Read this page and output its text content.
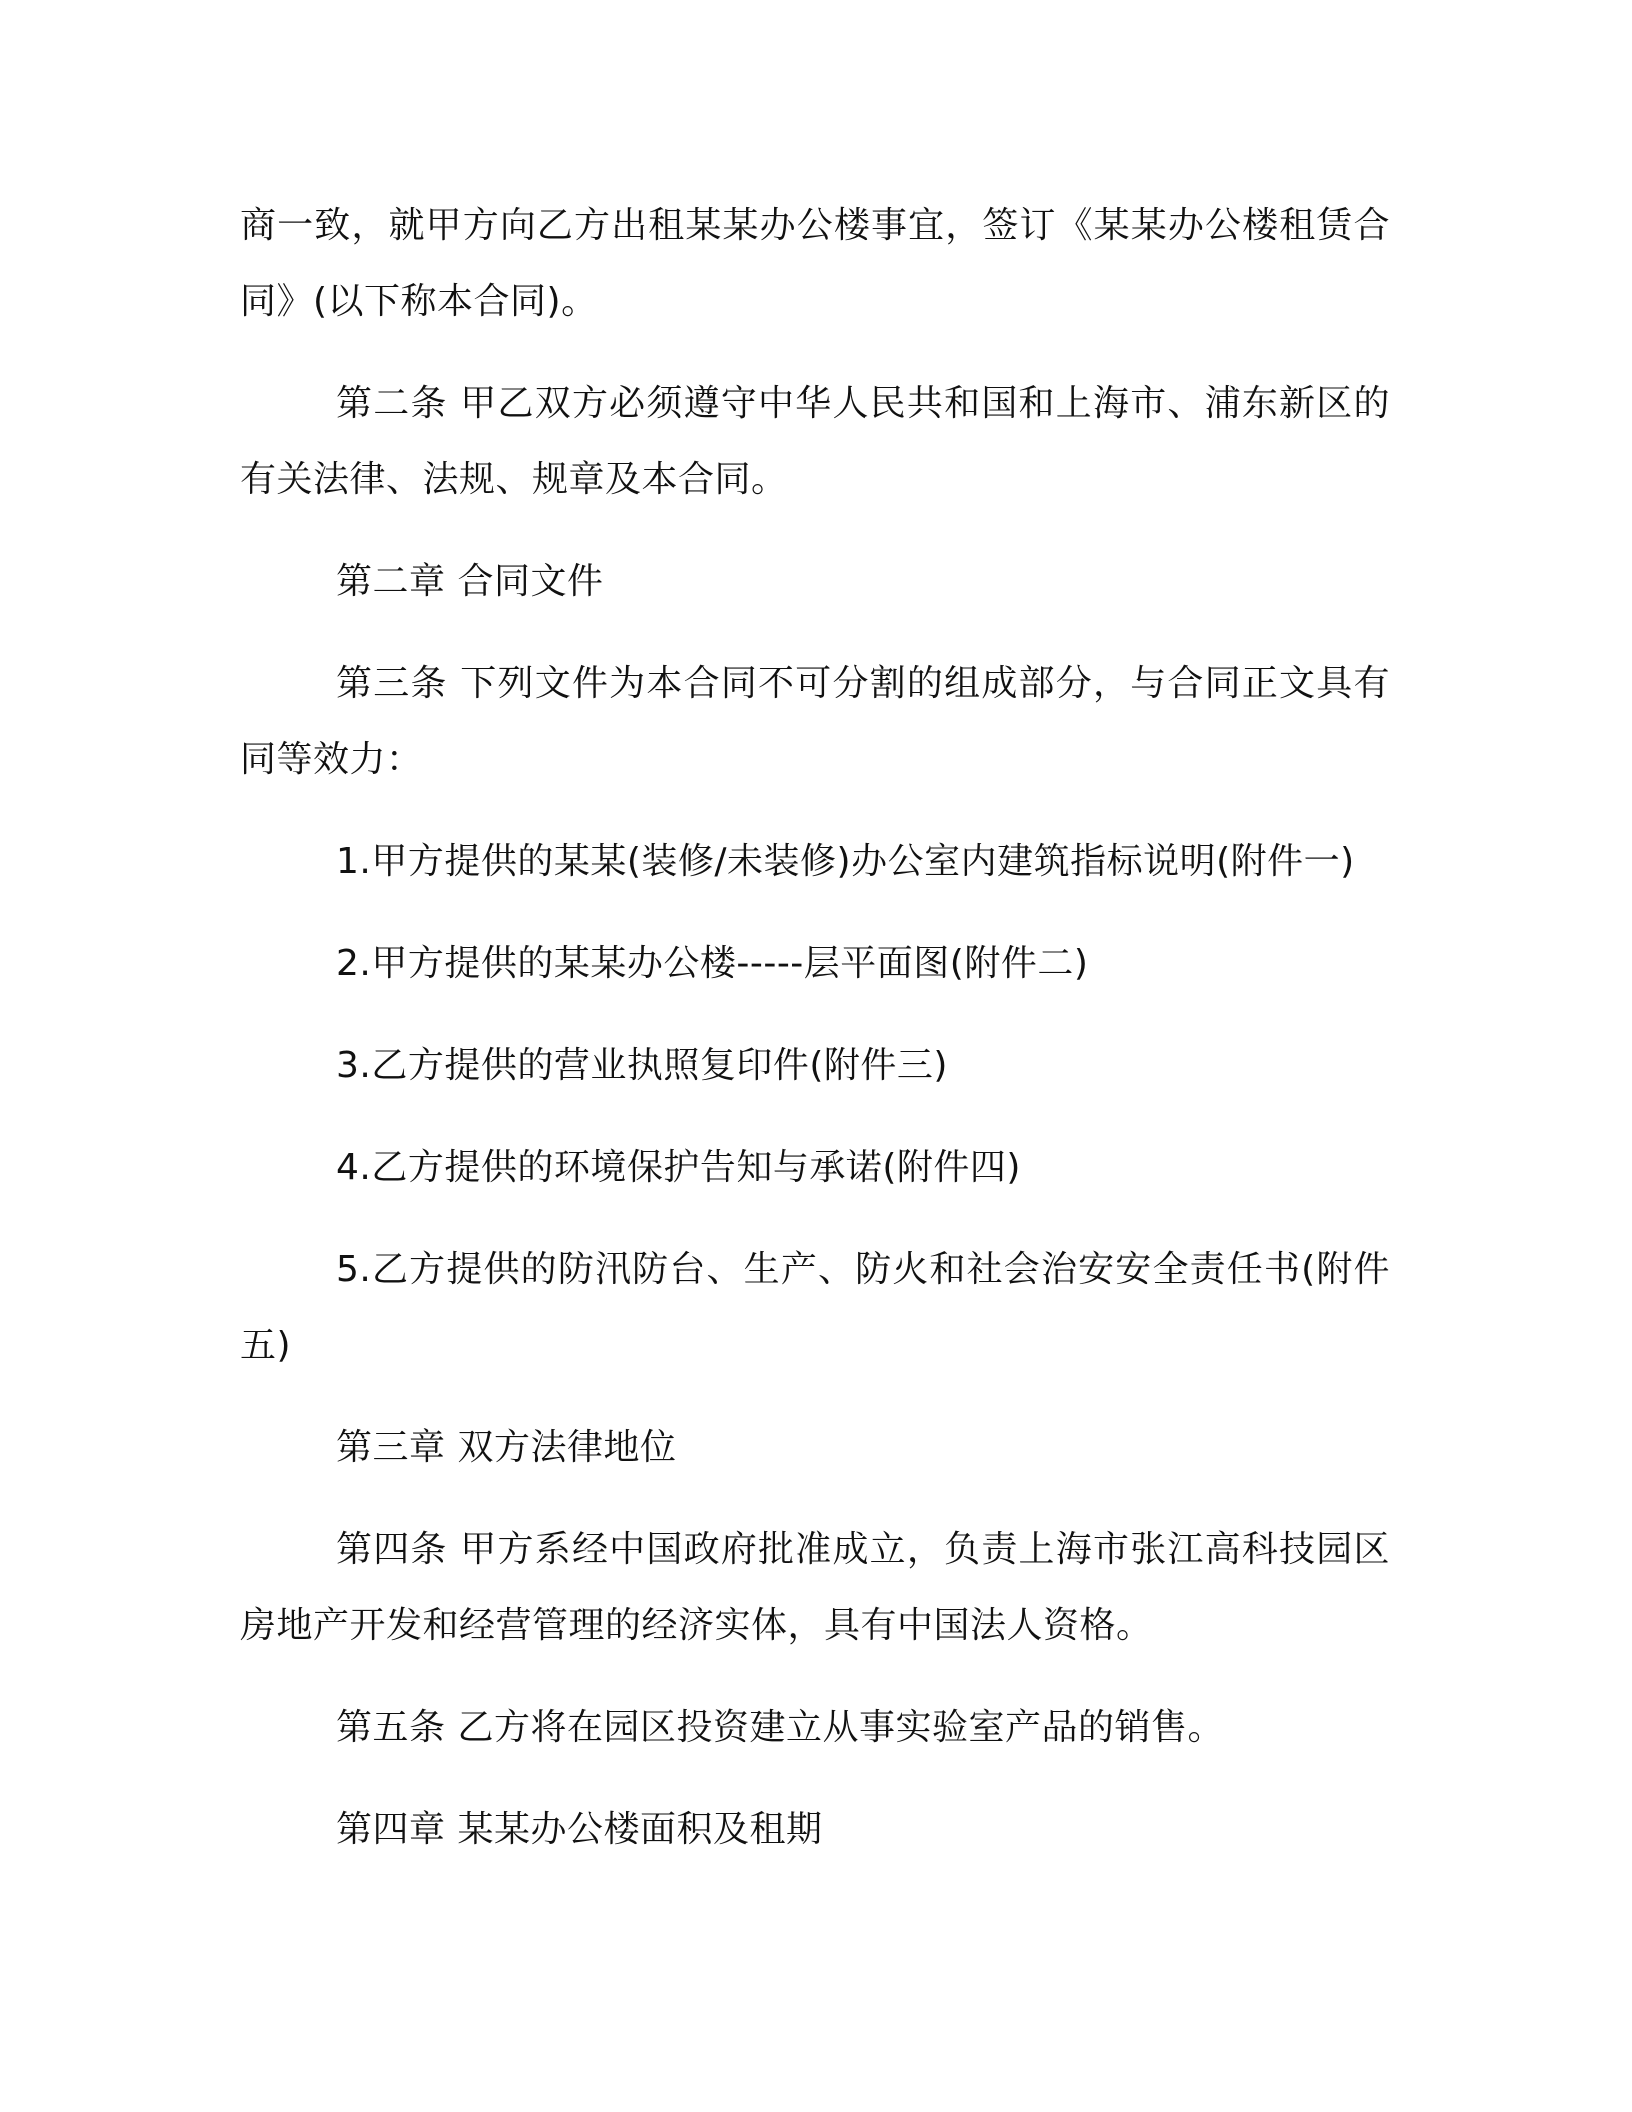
商一致，就甲方向乙方出租某某办公楼事宜，签订《某某办公楼租赁合同》(以下称本合同)。

第二条 甲乙双方必须遵守中华人民共和国和上海市、浦东新区的有关法律、法规、规章及本合同。

第二章 合同文件

第三条 下列文件为本合同不可分割的组成部分，与合同正文具有同等效力：

1.甲方提供的某某(装修/未装修)办公室内建筑指标说明(附件一)

2.甲方提供的某某办公楼-----层平面图(附件二)

3.乙方提供的营业执照复印件(附件三)

4.乙方提供的环境保护告知与承诺(附件四)

5.乙方提供的防汛防台、生产、防火和社会治安安全责任书(附件五)

第三章 双方法律地位

第四条 甲方系经中国政府批准成立，负责上海市张江高科技园区房地产开发和经营管理的经济实体，具有中国法人资格。

第五条 乙方将在园区投资建立从事实验室产品的销售。

第四章 某某办公楼面积及租期
